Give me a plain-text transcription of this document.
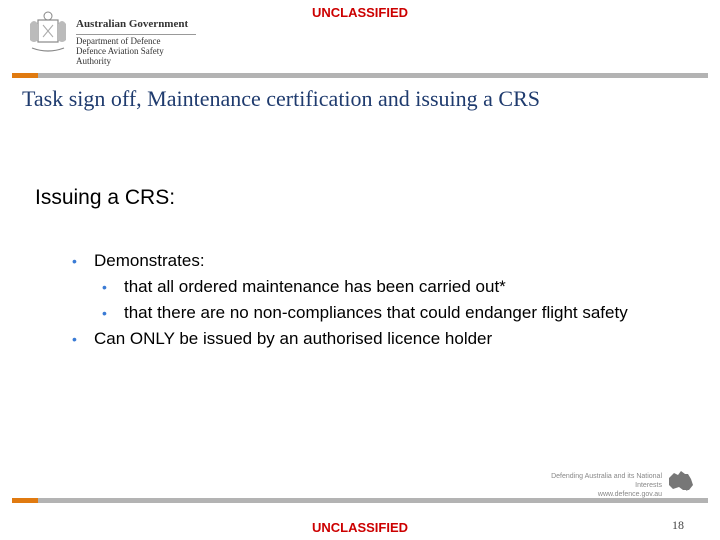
UNCLASSIFIED
Australian Government
Department of Defence
Defence Aviation Safety Authority
Task sign off, Maintenance certification and issuing a CRS
Issuing a CRS:
• Demonstrates:
• that all ordered maintenance has been carried out*
• that there are no non-compliances that could endanger flight safety
• Can ONLY be issued by an authorised licence holder
Defending Australia and its National Interests
www.defence.gov.au
UNCLASSIFIED	18
